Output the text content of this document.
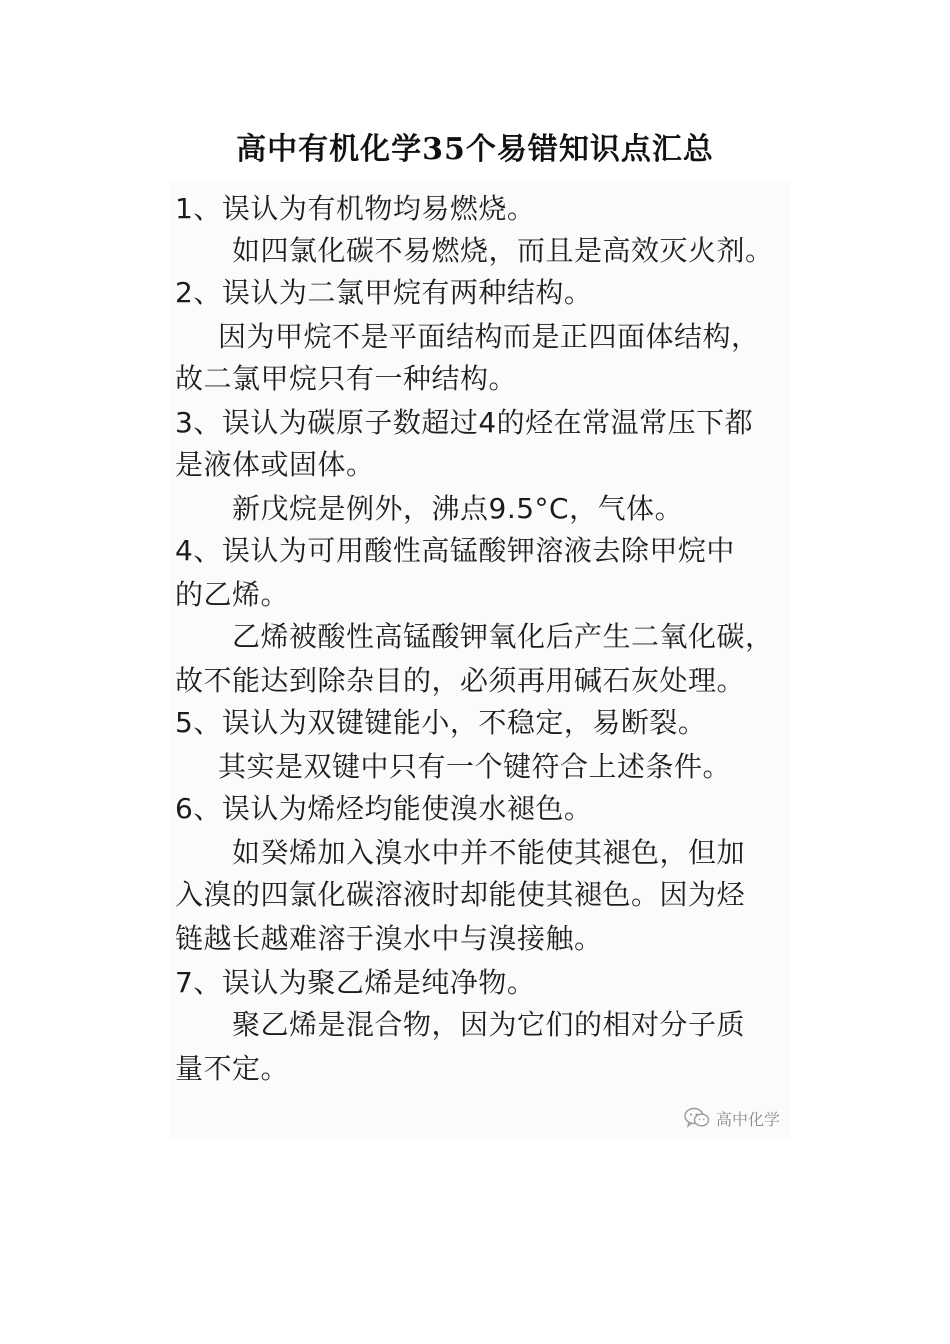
高中有机化学35个易错知识点汇总
1、误认为有机物均易燃烧。
如四氯化碳不易燃烧，而且是高效灭火剂。
2、误认为二氯甲烷有两种结构。
因为甲烷不是平面结构而是正四面体结构，
故二氯甲烷只有一种结构。
3、误认为碳原子数超过4的烃在常温常压下都
是液体或固体。
新戊烷是例外，沸点9.5°C，气体。
4、误认为可用酸性高锰酸钾溶液去除甲烷中
的乙烯。
乙烯被酸性高锰酸钾氧化后产生二氧化碳，
故不能达到除杂目的，必须再用碱石灰处理。
5、误认为双键键能小，不稳定，易断裂。
其实是双键中只有一个键符合上述条件。
6、误认为烯烃均能使溴水褪色。
如癸烯加入溴水中并不能使其褪色，但加
入溴的四氯化碳溶液时却能使其褪色。因为烃
链越长越难溶于溴水中与溴接触。
7、误认为聚乙烯是纯净物。
聚乙烯是混合物，因为它们的相对分子质
量不定。
高中化学
